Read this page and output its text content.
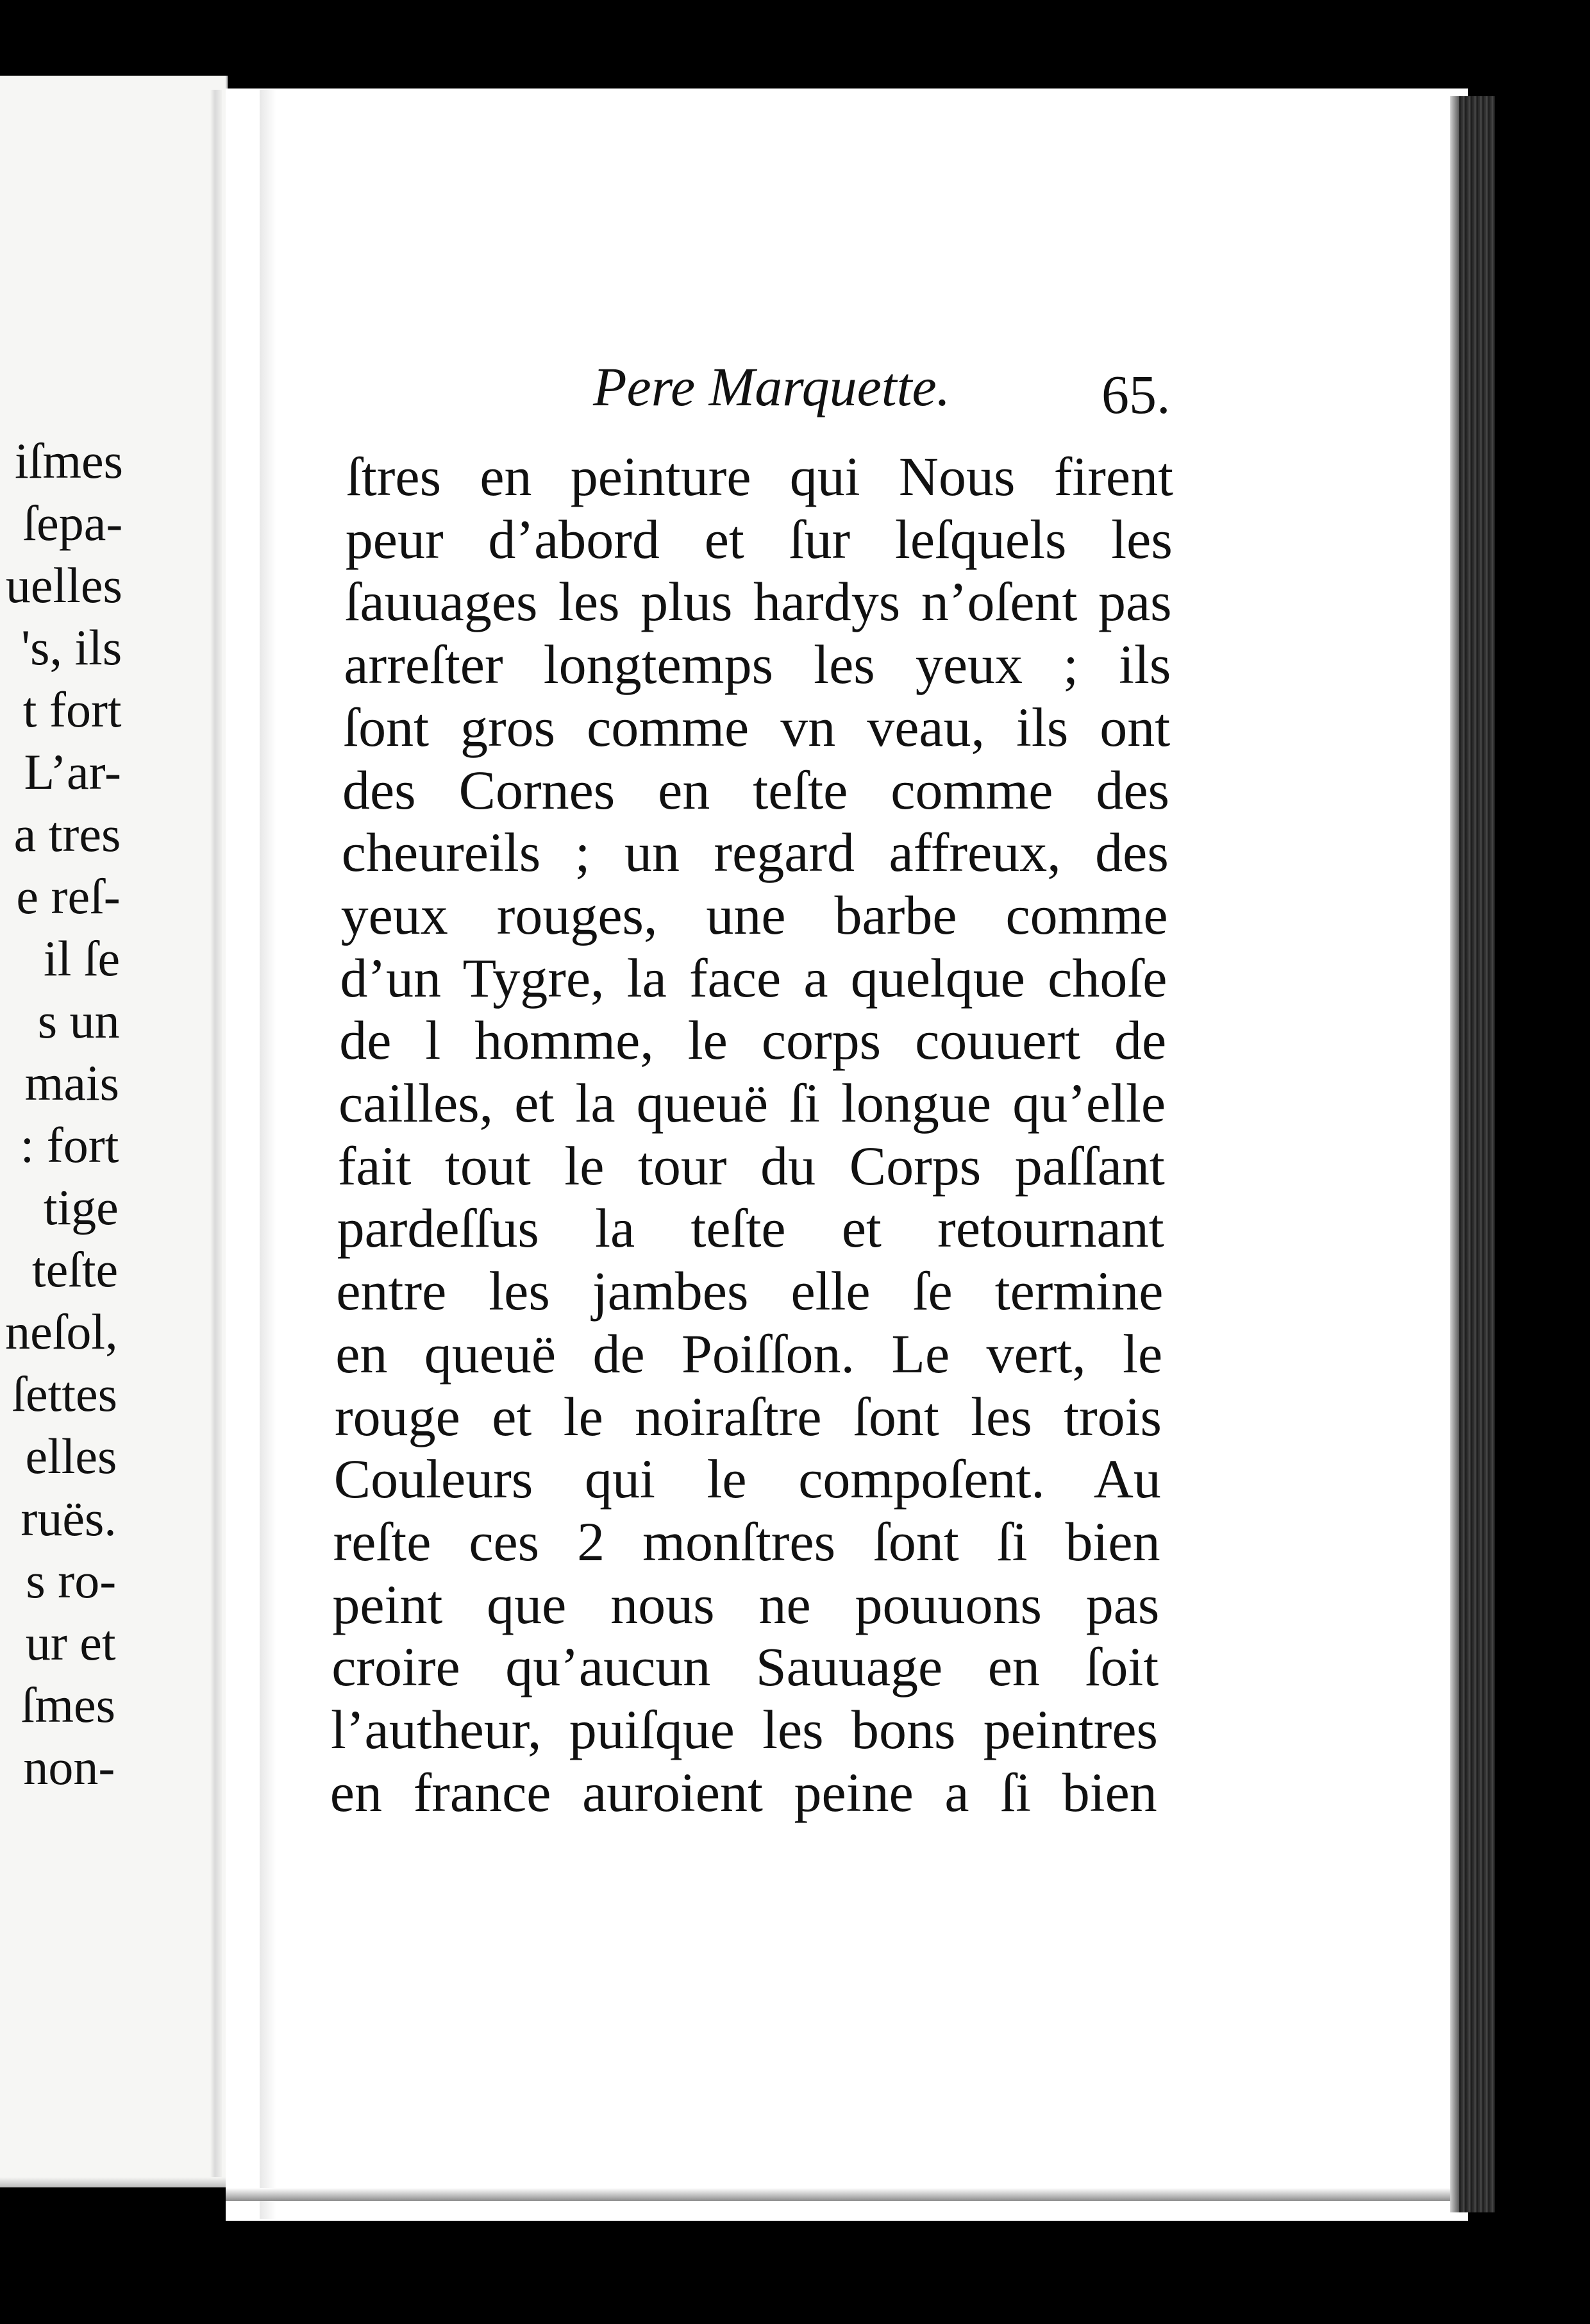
iſmes
ſepa-
uelles
's, ils
t fort
L’ar-
a tres
e reſ-
il ſe
s un
mais
: fort
tige
teſte
neſol,
ſettes
elles
ruës.
s ro-
ur et
ſmes
non-
Pere Marquette.	65.
ſtres en peinture qui Nous firent
peur d’abord et ſur leſquels les
ſauuages les plus hardys n’oſent pas
arreſter longtemps les yeux ; ils
ſont gros comme vn veau, ils ont
des Cornes en teſte comme des
cheureils ; un regard affreux, des
yeux rouges, une barbe comme
d’un Tygre, la face a quelque choſe
de l homme, le corps couuert de
cailles, et la queuë ſi longue qu’elle
fait tout le tour du Corps paſſant
pardeſſus la teſte et retournant
entre les jambes elle ſe termine
en queuë de Poiſſon. Le vert, le
rouge et le noiraſtre ſont les trois
Couleurs qui le compoſent. Au
reſte ces 2 monſtres ſont ſi bien
peint que nous ne pouuons pas
croire qu’aucun Sauuage en ſoit
l’autheur, puiſque les bons peintres
en france auroient peine a ſi bien
